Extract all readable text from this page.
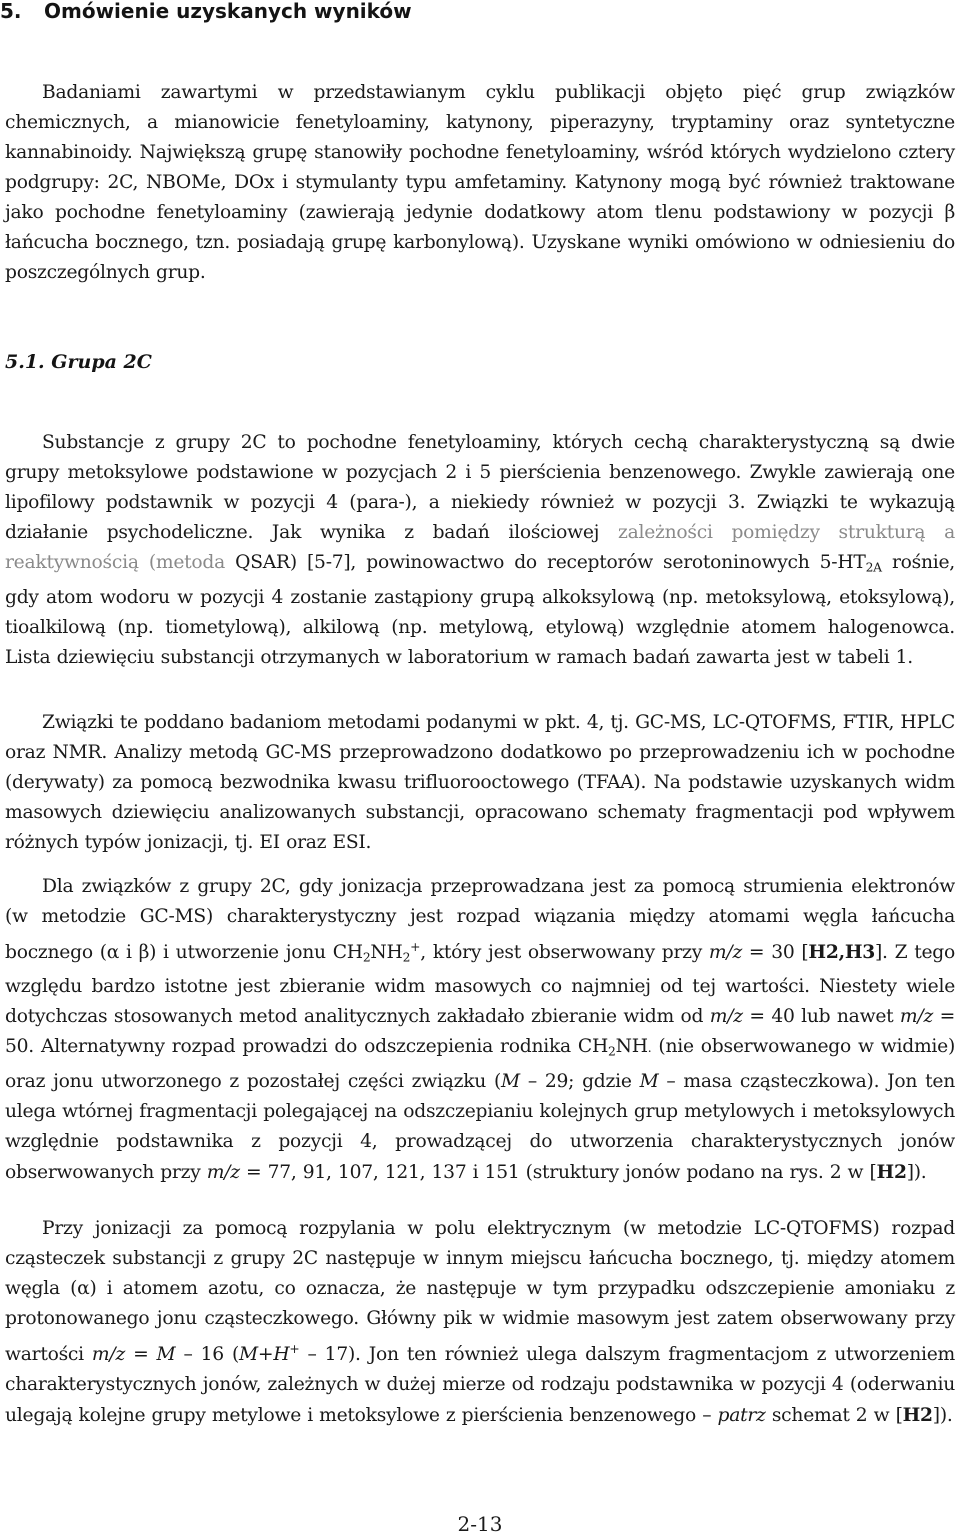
5. Omówienie uzyskanych wyników
Badaniami zawartymi w przedstawianym cyklu publikacji objęto pięć grup związków chemicznych, a mianowicie fenetyloaminy, katynony, piperazyny, tryptaminy oraz syntetyczne kannabinoidy. Największą grupę stanowiły pochodne fenetyloaminy, wśród których wydzielono cztery podgrupy: 2C, NBOMe, DOx i stymulanty typu amfetaminy. Katynony mogą być również traktowane jako pochodne fenetyloaminy (zawierają jedynie dodatkowy atom tlenu podstawiony w pozycji β łańcucha bocznego, tzn. posiadają grupę karbonylową). Uzyskane wyniki omówiono w odniesieniu do poszczególnych grup.
5.1. Grupa 2C
Substancje z grupy 2C to pochodne fenetyloaminy, których cechą charakterystyczną są dwie grupy metoksylowe podstawione w pozycjach 2 i 5 pierścienia benzenowego. Zwykle zawierają one lipofilowy podstawnik w pozycji 4 (para-), a niekiedy również w pozycji 3. Związki te wykazują działanie psychodeliczne. Jak wynika z badań ilościowej zależności pomiędzy strukturą a reaktywnością (metoda QSAR) [5-7], powinowactwo do receptorów serotoninowych $5-HT_{2A}$ rośnie, gdy atom wodoru w pozycji 4 zostanie zastąpiony grupą alkoksylową (np. metoksylową, etoksylową), tioalkilową (np. tiometylową), alkilową (np. metylową, etylową) względnie atomem halogenowca. Lista dziewięciu substancji otrzymanych w laboratorium w ramach badań zawarta jest w tabeli 1.
Związki te poddano badaniom metodami podanymi w pkt. 4, tj. GC-MS, LC-QTOFMS, FTIR, HPLC oraz NMR. Analizy metodą GC-MS przeprowadzono dodatkowo po przeprowadzeniu ich w pochodne (derywaty) za pomocą bezwodnika kwasu trifluorooctowego (TFAA). Na podstawie uzyskanych widm masowych dziewięciu analizowanych substancji, opracowano schematy fragmentacji pod wpływem różnych typów jonizacji, tj. EI oraz ESI.
Dla związków z grupy 2C, gdy jonizacja przeprowadzana jest za pomocą strumienia elektronów (w metodzie GC-MS) charakterystyczny jest rozpad wiązania między atomami węgla łańcucha bocznego (α i β) i utworzenie jonu $CH_2NH_2^+$, który jest obserwowany przy m/z = 30 [H2,H3]. Z tego względu bardzo istotne jest zbieranie widm masowych co najmniej od tej wartości. Niestety wiele dotychczas stosowanych metod analitycznych zakładało zbieranie widm od m/z = 40 lub nawet m/z = 50. Alternatywny rozpad prowadzi do odszczepienia rodnika $CH_2NH_\cdot$ (nie obserwowanego w widmie) oraz jonu utworzonego z pozostałej części związku (M – 29; gdzie M – masa cząsteczkowa). Jon ten ulega wtórnej fragmentacji polegającej na odszczepianiu kolejnych grup metylowych i metoksylowych względnie podstawnika z pozycji 4, prowadzącej do utworzenia charakterystycznych jonów obserwowanych przy m/z = 77, 91, 107, 121, 137 i 151 (struktury jonów podano na rys. 2 w [H2]).
Przy jonizacji za pomocą rozpylania w polu elektrycznym (w metodzie LC-QTOFMS) rozpad cząsteczek substancji z grupy 2C następuje w innym miejscu łańcucha bocznego, tj. między atomem węgla (α) i atomem azotu, co oznacza, że następuje w tym przypadku odszczepienie amoniaku z protonowanego jonu cząsteczkowego. Główny pik w widmie masowym jest zatem obserwowany przy wartości m/z = M – 16 (M+H+ – 17). Jon ten również ulega dalszym fragmentacjom z utworzeniem charakterystycznych jonów, zależnych w dużej mierze od rodzaju podstawnika w pozycji 4 (oderwaniu ulegają kolejne grupy metylowe i metoksylowe z pierścienia benzenowego – patrz schemat 2 w [H2]).
2-13
